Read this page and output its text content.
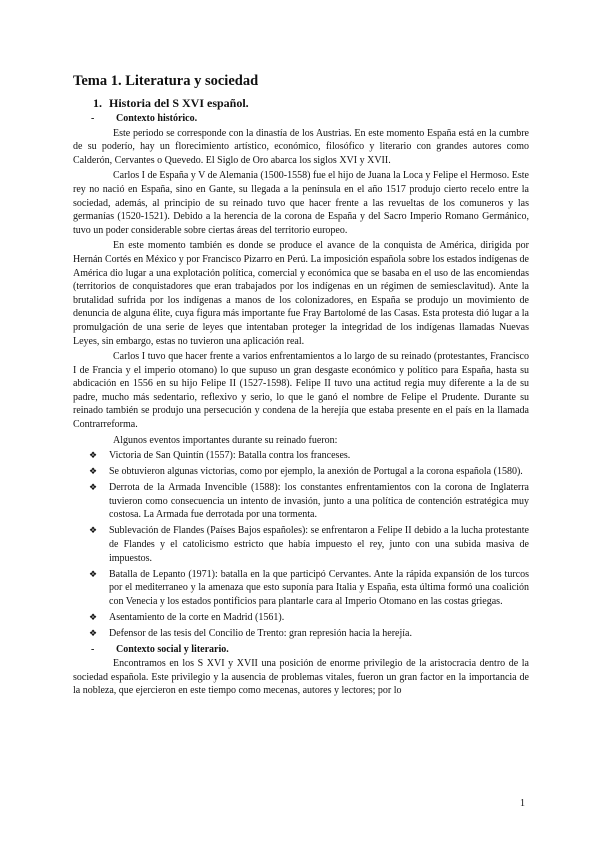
Tema 1. Literatura y sociedad
1. Historia del S XVI español.
- Contexto histórico.

Este periodo se corresponde con la dinastía de los Austrias. En este momento España está en la cumbre de su poderío, hay un florecimiento artístico, económico, filosófico y literario con grandes autores como Calderón, Cervantes o Quevedo. El Siglo de Oro abarca los siglos XVI y XVII.

Carlos I de España y V de Alemania (1500-1558) fue el hijo de Juana la Loca y Felipe el Hermoso. Este rey no nació en España, sino en Gante, su llegada a la península en el año 1517 produjo cierto recelo entre la sociedad, además, al principio de su reinado tuvo que hacer frente a las revueltas de los comuneros y las germanías (1520-1521). Debido a la herencia de la corona de España y del Sacro Imperio Romano Germánico, tuvo un poder considerable sobre ciertas áreas del territorio europeo.

En este momento también es donde se produce el avance de la conquista de América, dirigida por Hernán Cortés en México y por Francisco Pizarro en Perú. La imposición española sobre los estados indígenas de América dio lugar a una explotación política, comercial y económica que se basaba en el uso de las encomiendas (territorios de conquistadores que eran trabajados por los indígenas en un régimen de semiesclavitud). Ante la brutalidad sufrida por los indígenas a manos de los colonizadores, en España se produjo un movimiento de denuncia de alguna élite, cuya figura más importante fue Fray Bartolomé de las Casas. Esta protesta dió lugar a la promulgación de una serie de leyes que intentaban proteger la integridad de los indígenas llamadas Nuevas Leyes, sin embargo, estas no tuvieron una aplicación real.

Carlos I tuvo que hacer frente a varios enfrentamientos a lo largo de su reinado (protestantes, Francisco I de Francia y el imperio otomano) lo que supuso un gran desgaste económico y político para España, hasta su abdicación en 1556 en su hijo Felipe II (1527-1598). Felipe II tuvo una actitud regia muy diferente a la de su padre, mucho más sedentario, reflexivo y serio, lo que le ganó el nombre de Felipe el Prudente. Durante su reinado también se produjo una persecución y condena de la herejía que estaba presente en el país en la llamada Contrarreforma.

Algunos eventos importantes durante su reinado fueron:

❖ Victoria de San Quintín (1557): Batalla contra los franceses.
❖ Se obtuvieron algunas victorias, como por ejemplo, la anexión de Portugal a la corona española (1580).
❖ Derrota de la Armada Invencible (1588): los constantes enfrentamientos con la corona de Inglaterra tuvieron como consecuencia un intento de invasión, junto a una política de contención estratégica muy costosa. La Armada fue derrotada por una tormenta.
❖ Sublevación de Flandes (Países Bajos españoles): se enfrentaron a Felipe II debido a la lucha protestante de Flandes y el catolicismo estricto que había impuesto el rey, junto con una subida masiva de impuestos.
❖ Batalla de Lepanto (1971): batalla en la que participó Cervantes. Ante la rápida expansión de los turcos por el mediterraneo y la amenaza que esto suponía para Italia y España, esta última formó una coalición con Venecia y los estados pontificios para plantarle cara al Imperio Otomano en las costas griegas.
❖ Asentamiento de la corte en Madrid (1561).
❖ Defensor de las tesis del Concilio de Trento: gran represión hacia la herejía.
- Contexto social y literario.

Encontramos en los S XVI y XVII una posición de enorme privilegio de la aristocracia dentro de la sociedad española. Este privilegio y la ausencia de problemas vitales, fueron un gran factor en la importancia de la nobleza, que ejercieron en este tiempo como mecenas, autores y lectores; por lo

1
